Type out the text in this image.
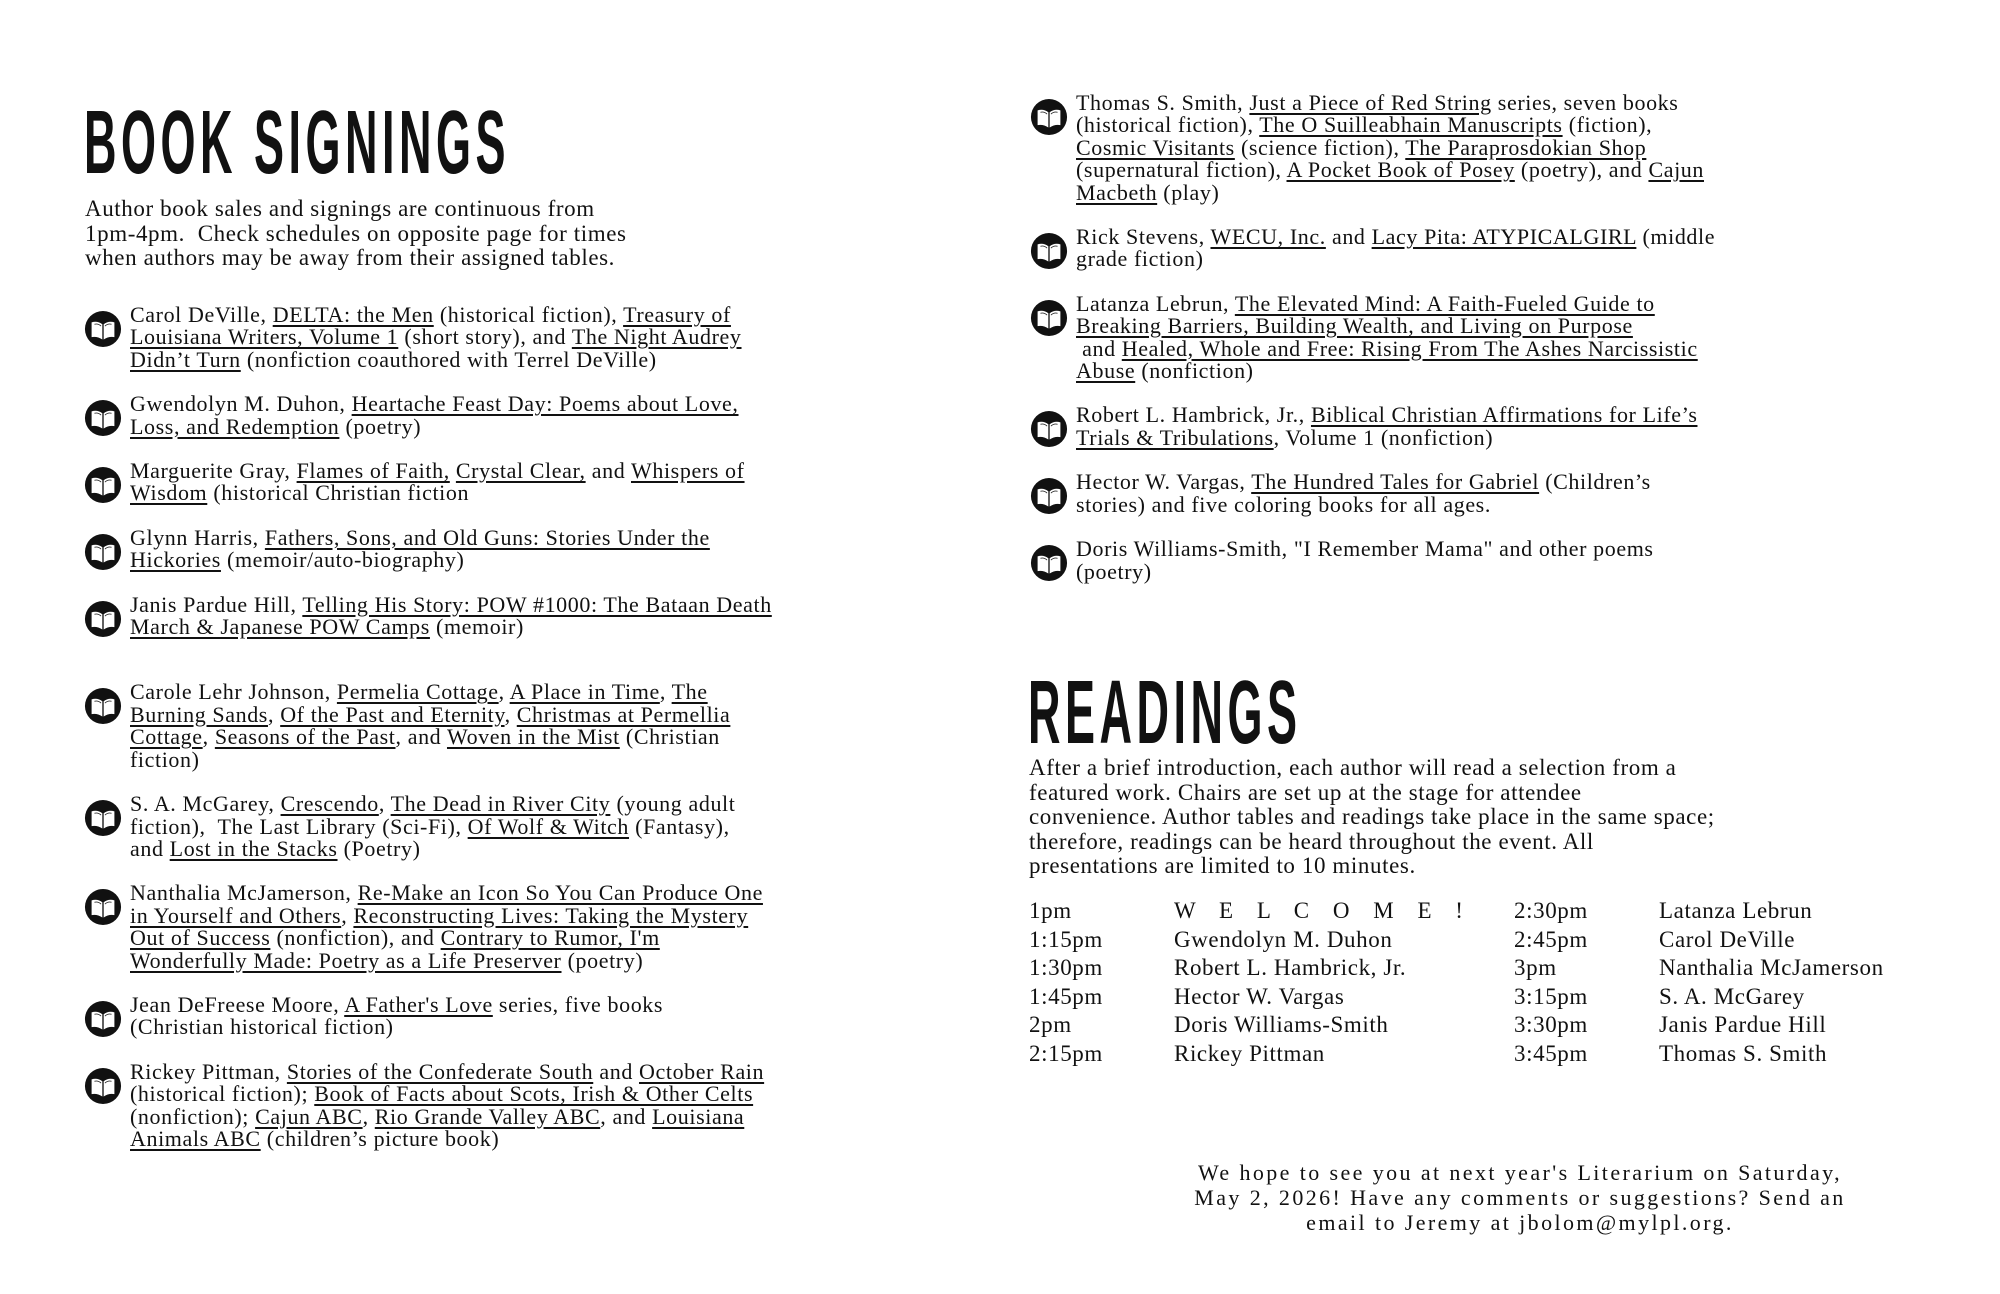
BOOK SIGNINGS

Author book sales and signings are continuous from
1pm-4pm.  Check schedules on opposite page for times
when authors may be away from their assigned tables.

Carol DeVille, DELTA: the Men (historical fiction), Treasury of
Louisiana Writers, Volume 1 (short story), and The Night Audrey
Didn’t Turn (nonfiction coauthored with Terrel DeVille)
Gwendolyn M. Duhon, Heartache Feast Day: Poems about Love,
Loss, and Redemption (poetry)
Marguerite Gray, Flames of Faith, Crystal Clear, and Whispers of
Wisdom (historical Christian fiction
Glynn Harris, Fathers, Sons, and Old Guns: Stories Under the
Hickories (memoir/auto-biography)
Janis Pardue Hill, Telling His Story: POW #1000: The Bataan Death
March & Japanese POW Camps (memoir)
Carole Lehr Johnson, Permelia Cottage, A Place in Time, The
Burning Sands, Of the Past and Eternity, Christmas at Permellia
Cottage, Seasons of the Past, and Woven in the Mist (Christian
fiction)
S. A. McGarey, Crescendo, The Dead in River City (young adult
fiction),  The Last Library (Sci-Fi), Of Wolf & Witch (Fantasy),
and Lost in the Stacks (Poetry)
Nanthalia McJamerson, Re-Make an Icon So You Can Produce One
in Yourself and Others, Reconstructing Lives: Taking the Mystery
Out of Success (nonfiction), and Contrary to Rumor, I'm
Wonderfully Made: Poetry as a Life Preserver (poetry)
Jean DeFreese Moore, A Father's Love series, five books
(Christian historical fiction)
Rickey Pittman, Stories of the Confederate South and October Rain
(historical fiction); Book of Facts about Scots, Irish & Other Celts
(nonfiction); Cajun ABC, Rio Grande Valley ABC, and Louisiana
Animals ABC (children’s picture book)
Thomas S. Smith, Just a Piece of Red String series, seven books
(historical fiction), The O Suilleabhain Manuscripts (fiction),
Cosmic Visitants (science fiction), The Paraprosdokian Shop
(supernatural fiction), A Pocket Book of Posey (poetry), and Cajun
Macbeth (play)
Rick Stevens, WECU, Inc. and Lacy Pita: ATYPICALGIRL (middle
grade fiction)
Latanza Lebrun, The Elevated Mind: A Faith-Fueled Guide to
Breaking Barriers, Building Wealth, and Living on Purpose
and Healed, Whole and Free: Rising From The Ashes Narcissistic
Abuse (nonfiction)
Robert L. Hambrick, Jr., Biblical Christian Affirmations for Life’s
Trials & Tribulations, Volume 1 (nonfiction)
Hector W. Vargas, The Hundred Tales for Gabriel (Children’s
stories) and five coloring books for all ages.
Doris Williams-Smith, "I Remember Mama" and other poems
(poetry)
READINGS

After a brief introduction, each author will read a selection from a
featured work. Chairs are set up at the stage for attendee
convenience. Author tables and readings take place in the same space;
therefore, readings can be heard throughout the event. All
presentations are limited to 10 minutes.

1pm	W E L C O M E !	2:30pm	Latanza Lebrun
1:15pm	Gwendolyn M. Duhon	2:45pm	Carol DeVille
1:30pm	Robert L. Hambrick, Jr.	3pm	Nanthalia McJamerson
1:45pm	Hector W. Vargas	3:15pm	S. A. McGarey
2pm	Doris Williams-Smith	3:30pm	Janis Pardue Hill
2:15pm	Rickey Pittman	3:45pm	Thomas S. Smith
We hope to see you at next year's Literarium on Saturday,
May 2, 2026! Have any comments or suggestions? Send an
email to Jeremy at jbolom@mylpl.org.
